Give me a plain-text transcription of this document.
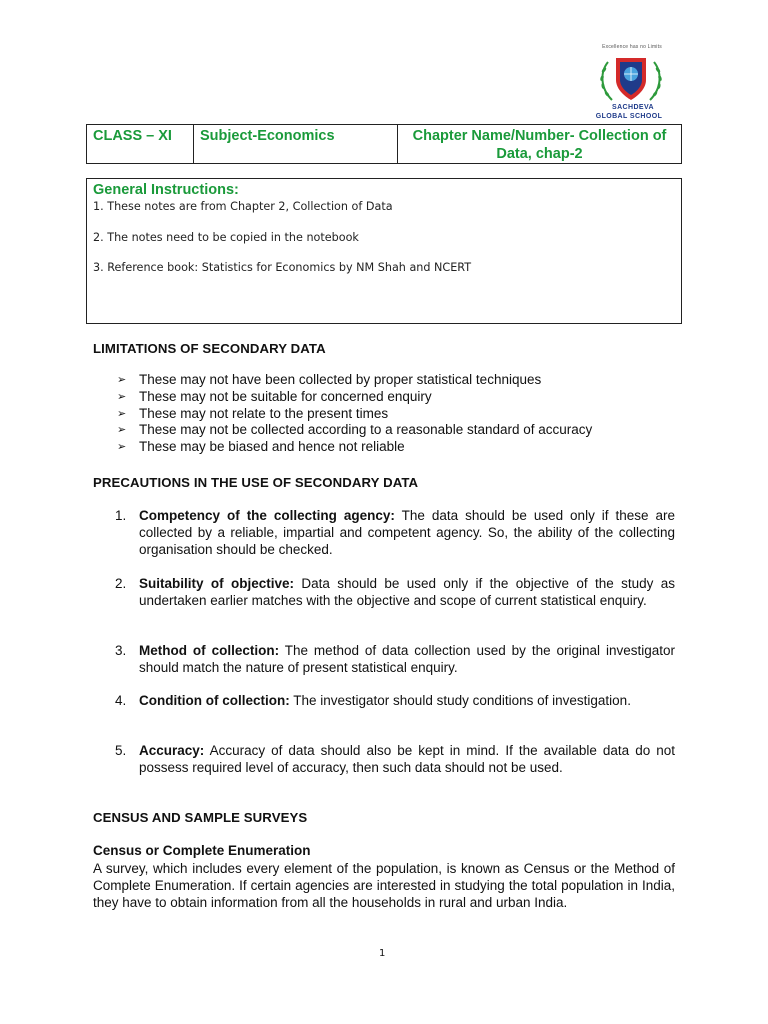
Excellence has no Limits
SACHDEVA
GLOBAL SCHOOL
CLASS – XI	Subject-Economics	Chapter Name/Number- Collection of Data, chap-2
General Instructions:
1. These notes are from Chapter 2, Collection of Data
2. The notes need to be copied in the notebook
3. Reference book: Statistics for Economics by NM Shah and NCERT
LIMITATIONS OF SECONDARY DATA
➢ These may not have been collected by proper statistical techniques
➢ These may not be suitable for concerned enquiry
➢ These may not relate to the present times
➢ These may not be collected according to a reasonable standard of accuracy
➢ These may be biased and hence not reliable
PRECAUTIONS IN THE USE OF SECONDARY DATA
1. Competency of the collecting agency: The data should be used only if these are collected by a reliable, impartial and competent agency. So, the ability of the collecting organisation should be checked.
2. Suitability of objective: Data should be used only if the objective of the study as undertaken earlier matches with the objective and scope of current statistical enquiry.
3. Method of collection: The method of data collection used by the original investigator should match the nature of present statistical enquiry.
4. Condition of collection: The investigator should study conditions of investigation.
5. Accuracy: Accuracy of data should also be kept in mind. If the available data do not possess required level of accuracy, then such data should not be used.
CENSUS AND SAMPLE SURVEYS
Census or Complete Enumeration
A survey, which includes every element of the population, is known as Census or the Method of Complete Enumeration. If certain agencies are interested in studying the total population in India, they have to obtain information from all the households in rural and urban India.
1
